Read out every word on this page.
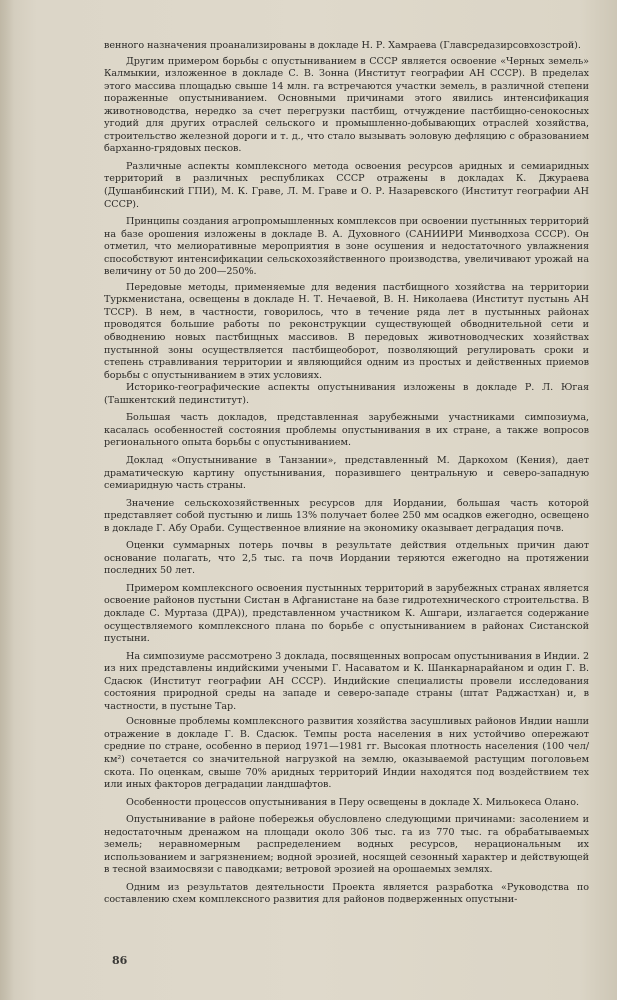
венного назначения проанализированы в докладе Н. Р. Хамраева (Главсредазирсовхозстрой).

Другим примером борьбы с опустыниванием в СССР является освоение «Черных земель» Калмыкии, изложенное в докладе С. В. Зонна (Институт географии АН СССР). В пределах этого массива площадью свыше 14 млн. га встречаются участки земель, в различной степени пораженные опустыниванием. Основными причинами этого явились интенсификация животноводства, нередко за счет перегрузки пастбищ, отчуждение пастбищно-сенокосных угодий для других отраслей сельского и промышленно-добывающих отраслей хозяйства, строительство железной дороги и т. д., что стало вызывать эоловую дефляцию с образованием барханно-грядовых песков.

Различные аспекты комплексного метода освоения ресурсов аридных и семиаридных территорий в различных республиках СССР отражены в докладах К. Джураева (Душанбинский ГПИ), М. К. Граве, Л. М. Граве и О. Р. Назаревского (Институт географии АН СССР).

Принципы создания агропромышленных комплексов при освоении пустынных территорий на базе орошения изложены в докладе В. А. Духовного (САНИИРИ Минводхоза СССР). Он отметил, что мелиоративные мероприятия в зоне осушения и недостаточного увлажнения способствуют интенсификации сельскохозяйственного производства, увеличивают урожай на величину от 50 до 200—250%.

Передовые методы, применяемые для ведения пастбищного хозяйства на территории Туркменистана, освещены в докладе Н. Т. Нечаевой, В. Н. Николаева (Институт пустынь АН ТССР). В нем, в частности, говорилось, что в течение ряда лет в пустынных районах проводятся большие работы по реконструкции существующей обводнительной сети и обводнению новых пастбищных массивов. В передовых животноводческих хозяйствах пустынной зоны осуществляется пастбищеоборот, позволяющий регулировать сроки и степень стравливания территории и являющийся одним из простых и действенных приемов борьбы с опустыниванием в этих условиях.

Историко-географические аспекты опустынивания изложены в докладе Р. Л. Югая (Ташкентский пединститут).

Большая часть докладов, представленная зарубежными участниками симпозиума, касалась особенностей состояния проблемы опустынивания в их стране, а также вопросов регионального опыта борьбы с опустыниванием.

Доклад «Опустынивание в Танзании», представленный М. Даркохом (Кения), дает драматическую картину опустынивания, поразившего центральную и северо-западную семиаридную часть страны.

Значение сельскохозяйственных ресурсов для Иордании, большая часть которой представляет собой пустыню и лишь 13% получает более 250 мм осадков ежегодно, освещено в докладе Г. Абу Ораби. Существенное влияние на экономику оказывает деградация почв.

Оценки суммарных потерь почвы в результате действия отдельных причин дают основание полагать, что 2,5 тыс. га почв Иордании теряются ежегодно на протяжении последних 50 лет.

Примером комплексного освоения пустынных территорий в зарубежных странах является освоение районов пустыни Систан в Афганистане на базе гидротехнического строительства. В докладе С. Муртаза (ДРА)), представленном участником К. Ашгари, излагается содержание осуществляемого комплексного плана по борьбе с опустыниванием в районах Систанской пустыни.

На симпозиуме рассмотрено 3 доклада, посвященных вопросам опустынивания в Индии. 2 из них представлены индийскими учеными Г. Насаватом и К. Шанкарнарайаном и один Г. В. Сдасюк (Институт географии АН СССР). Индийские специалисты провели исследования состояния природной среды на западе и северо-западе страны (штат Раджастхан) и, в частности, в пустыне Тар.

Основные проблемы комплексного развития хозяйства засушливых районов Индии нашли отражение в докладе Г. В. Сдасюк. Темпы роста населения в них устойчиво опережают средние по стране, особенно в период 1971—1981 гг. Высокая плотность населения (100 чел/км²) сочетается со значительной нагрузкой на землю, оказываемой растущим поголовьем скота. По оценкам, свыше 70% аридных территорий Индии находятся под воздействием тех или иных факторов деградации ландшафтов.

Особенности процессов опустынивания в Перу освещены в докладе Х. Мильокеса Олано.

Опустынивание в районе побережья обусловлено следующими причинами: засолением и недостаточным дренажом на площади около 306 тыс. га из 770 тыс. га обрабатываемых земель; неравномерным распределением водных ресурсов, нерациональным их использованием и загрязнением; водной эрозией, носящей сезонный характер и действующей в тесной взаимосвязи с паводками; ветровой эрозией на орошаемых землях.

Одним из результатов деятельности Проекта является разработка «Руководства по составлению схем комплексного развития для районов подверженных опустыни-

86
